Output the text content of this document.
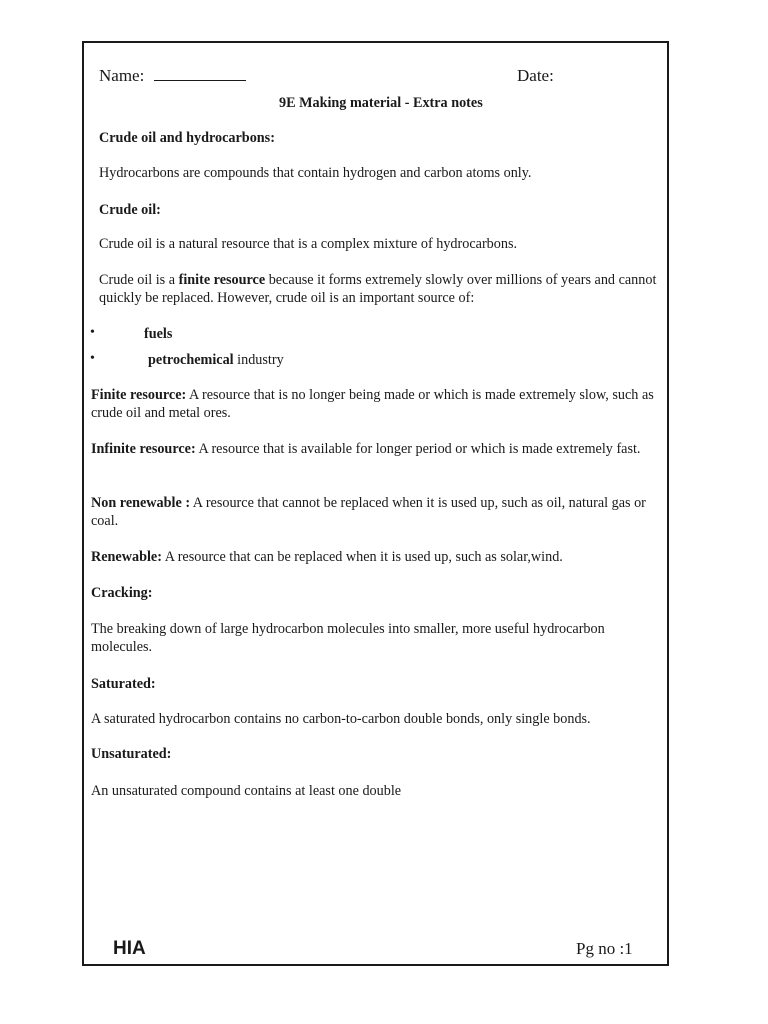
Name:	Date:
9E Making material - Extra notes
Crude oil and hydrocarbons:
Hydrocarbons are compounds that contain hydrogen and carbon atoms only.
Crude oil:
Crude oil is a natural resource that is a complex mixture of hydrocarbons.
Crude oil is a finite resource because it forms extremely slowly over millions of years and cannot quickly be replaced. However, crude oil is an important source of:
•	fuels
•	petrochemical industry
Finite resource: A resource that is no longer being made or which is made extremely slow, such as crude oil and metal ores.
Infinite resource: A resource that is available for longer period or which is made extremely fast.
Non renewable : A resource that cannot be replaced when it is used up, such as oil, natural gas or coal.
Renewable: A resource that can be replaced when it is used up, such as solar,wind.
Cracking:
The breaking down of large hydrocarbon molecules into smaller, more useful hydrocarbon molecules.
Saturated:
A saturated hydrocarbon contains no carbon-to-carbon double bonds, only single bonds.
Unsaturated:
An unsaturated compound contains at least one double
HIA	Pg no :1
